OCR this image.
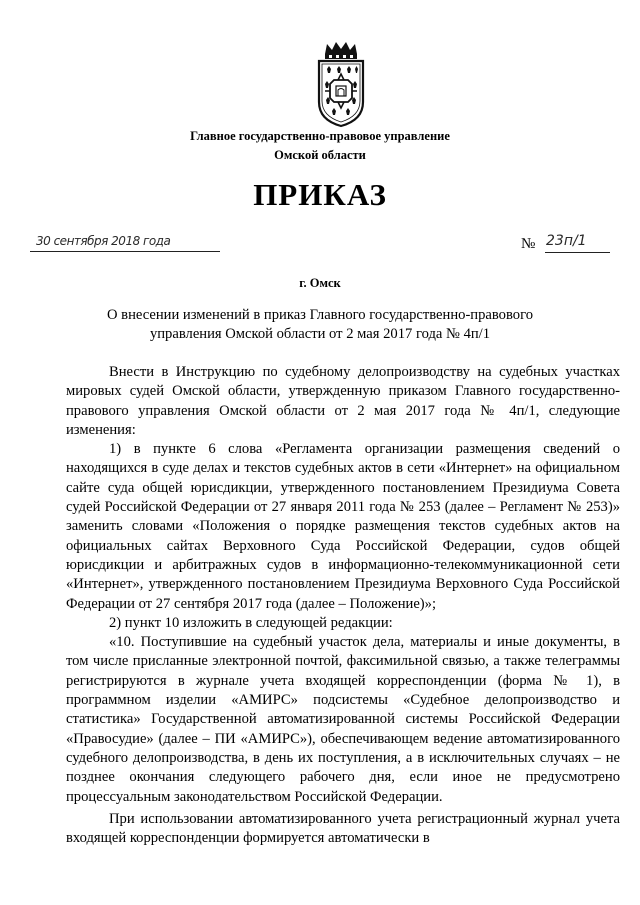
Главное государственно-правовое управление
Омской области
ПРИКАЗ
30 сентября 2018 года	№ 23п/1
г. Омск
О внесении изменений в приказ Главного государственно-правового
управления Омской области от 2 мая 2017 года № 4п/1

Внести в Инструкцию по судебному делопроизводству на судебных участках мировых судей Омской области, утвержденную приказом Главного государственно-правового управления Омской области от 2 мая 2017 года № 4п/1, следующие изменения:

1) в пункте 6 слова «Регламента организации размещения сведений о находящихся в суде делах и текстов судебных актов в сети «Интернет» на официальном сайте суда общей юрисдикции, утвержденного постановлением Президиума Совета судей Российской Федерации от 27 января 2011 года № 253 (далее – Регламент № 253)» заменить словами «Положения о порядке размещения текстов судебных актов на официальных сайтах Верховного Суда Российской Федерации, судов общей юрисдикции и арбитражных судов в информационно-телекоммуникационной сети «Интернет», утвержденного постановлением Президиума Верховного Суда Российской Федерации от 27 сентября 2017 года (далее – Положение)»;

2) пункт 10 изложить в следующей редакции:

«10. Поступившие на судебный участок дела, материалы и иные документы, в том числе присланные электронной почтой, факсимильной связью, а также телеграммы регистрируются в журнале учета входящей корреспонденции (форма № 1), в программном изделии «АМИРС» подсистемы «Судебное делопроизводство и статистика» Государственной автоматизированной системы Российской Федерации «Правосудие» (далее – ПИ «АМИРС»), обеспечивающем ведение автоматизированного судебного делопроизводства, в день их поступления, а в исключительных случаях – не позднее окончания следующего рабочего дня, если иное не предусмотрено процессуальным законодательством Российской Федерации.

При использовании автоматизированного учета регистрационный журнал учета входящей корреспонденции формируется автоматически в
